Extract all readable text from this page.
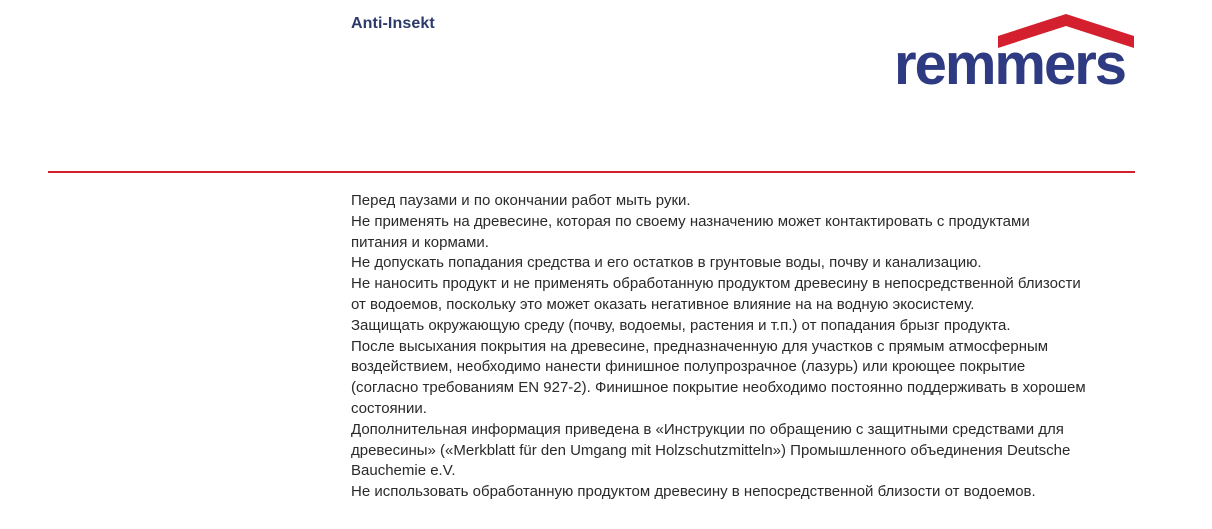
Anti-Insekt
remmers

Перед паузами и по окончании работ мыть руки.

Не применять на древесине, которая по своему назначению может контактировать с продуктами

питания и кормами.

Не допускать попадания средства и его остатков в грунтовые воды, почву и канализацию.

Не наносить продукт и не применять обработанную продуктом древесину в непосредственной близости

от водоемов, поскольку это может оказать негативное влияние на на водную экосистему.

Защищать окружающую среду (почву, водоемы, растения и т.п.) от попадания брызг продукта.

После высыхания покрытия на древесине, предназначенную для участков с прямым атмосферным

воздействием, необходимо нанести финишное полупрозрачное (лазурь) или кроющее покрытие

(согласно требованиям EN 927-2). Финишное покрытие необходимо постоянно поддерживать в хорошем

состоянии.

Дополнительная информация приведена в «Инструкции по обращению с защитными средствами для

древесины» («Merkblatt für den Umgang mit Holzschutzmitteln») Промышленного объединения Deutsche

Bauchemie e.V.

Не использовать обработанную продуктом древесину в непосредственной близости от водоемов.
